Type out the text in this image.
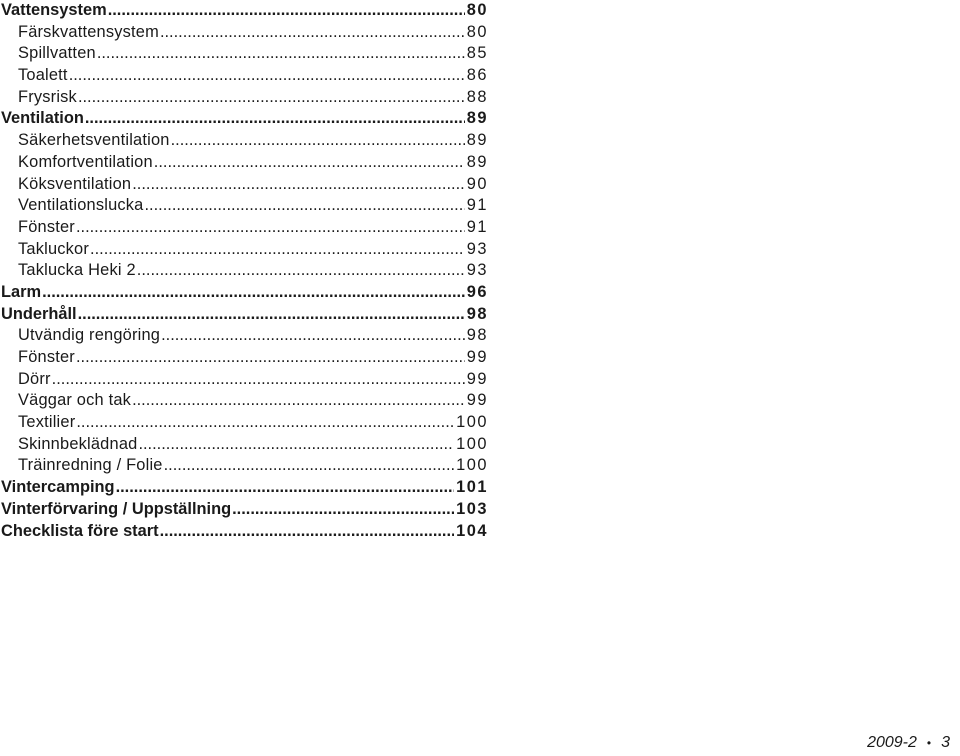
Vattensystem .....	80
Färskvattensystem .....	80
Spillvatten .....	85
Toalett .....	86
Frysrisk .....	88
Ventilation .....	89
Säkerhetsventilation .....	89
Komfortventilation .....	89
Köksventilation .....	90
Ventilationslucka .....	91
Fönster .....	91
Takluckor .....	93
Taklucka Heki 2 .....	93
Larm .....	96
Underhåll .....	98
Utvändig rengöring .....	98
Fönster .....	99
Dörr .....	99
Väggar och tak .....	99
Textilier .....	100
Skinnbeklädnad .....	100
Träinredning / Folie .....	100
Vintercamping .....	101
Vinterförvaring / Uppställning .....	103
Checklista före start .....	104
2009-2 • 3
